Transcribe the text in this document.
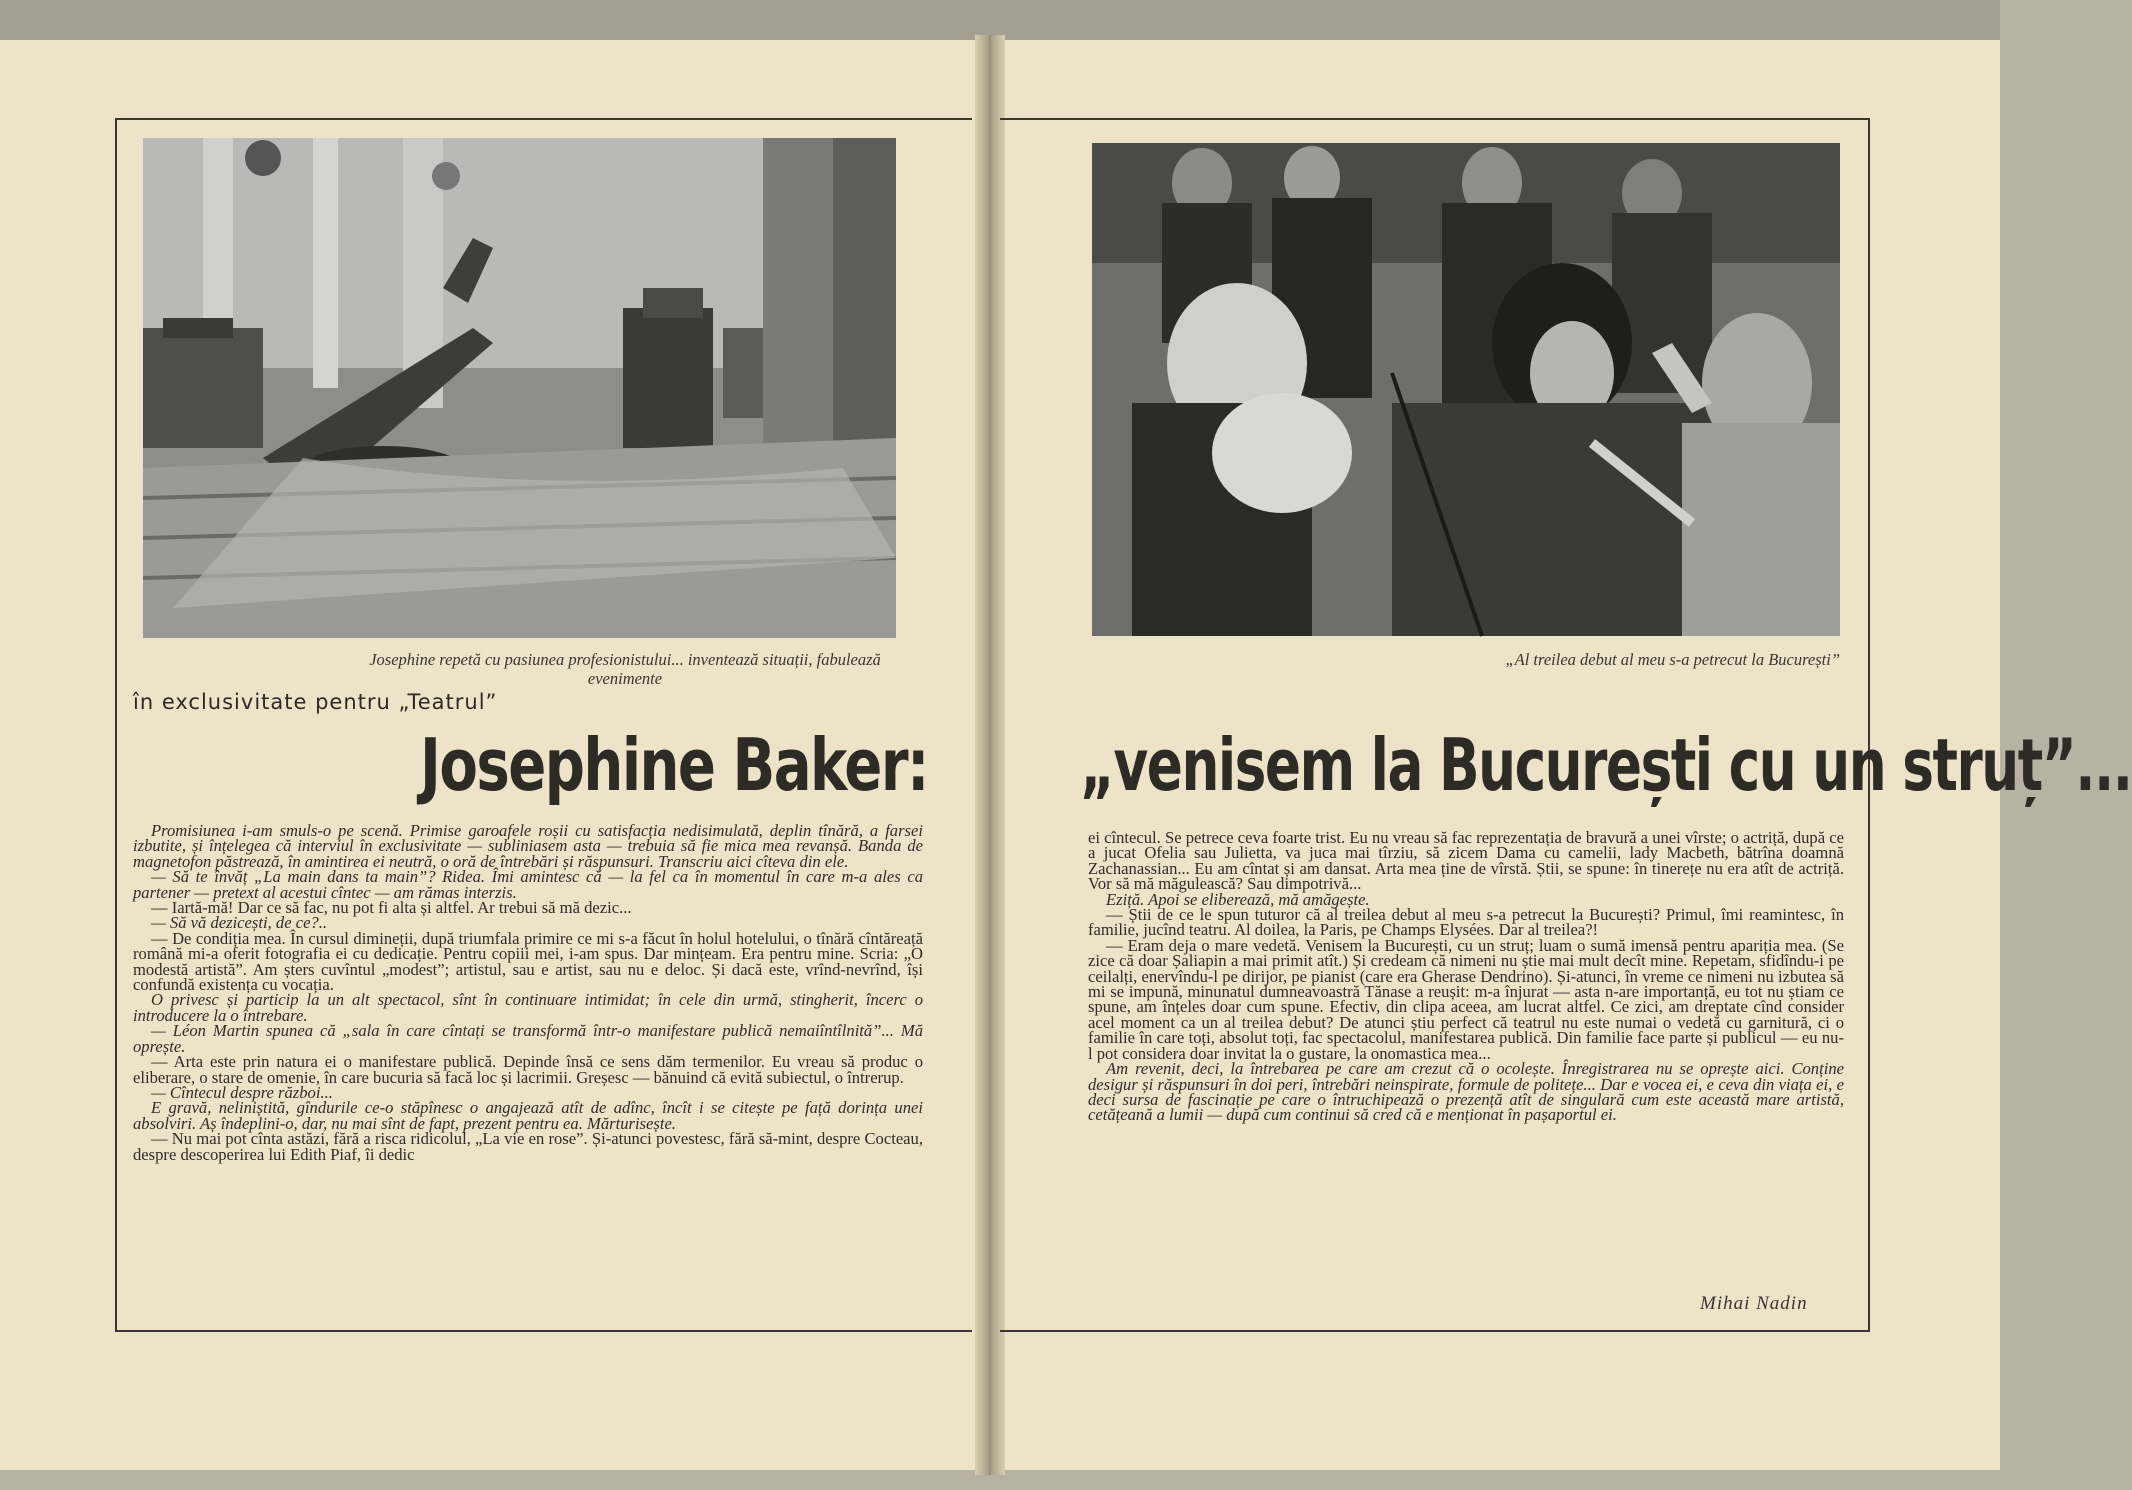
Josephine repetă cu pasiunea profesionistului... inventează situații, fabulează evenimente
„Al treilea debut al meu s-a petrecut la București”
în exclusivitate pentru „Teatrul”
Josephine Baker: „venisem la București cu un struț”...

Promisiunea i-am smuls-o pe scenă. Primise garoafele roșii cu satisfacția nedisimulată, deplin tînără, a farsei izbutite, și înțelegea că interviul în exclusivitate — subliniasem asta — trebuia să fie mica mea revanșă. Banda de magnetofon păstrează, în amintirea ei neutră, o oră de întrebări și răspunsuri. Transcriu aici cîteva din ele.

— Să te învăț „La main dans ta main”? Ridea. Îmi amintesc că — la fel ca în momentul în care m-a ales ca partener — pretext al acestui cîntec — am rămas interzis.

— Iartă-mă! Dar ce să fac, nu pot fi alta și altfel. Ar trebui să mă dezic...

— Să vă dezicești, de ce?..

— De condiția mea. În cursul dimineții, după triumfala primire ce mi s-a făcut în holul hotelului, o tînără cîntăreață română mi-a oferit fotografia ei cu dedicație. Pentru copiii mei, i-am spus. Dar mințeam. Era pentru mine. Scria: „O modestă artistă”. Am șters cuvîntul „modest”; artistul, sau e artist, sau nu e deloc. Și dacă este, vrînd-nevrînd, își confundă existența cu vocația.

O privesc și particip la un alt spectacol, sînt în continuare intimidat; în cele din urmă, stingherit, încerc o introducere la o întrebare.

— Léon Martin spunea că „sala în care cîntați se transformă într-o manifestare publică nemaiîntîlnită”... Mă oprește.

— Arta este prin natura ei o manifestare publică. Depinde însă ce sens dăm termenilor. Eu vreau să produc o eliberare, o stare de omenie, în care bucuria să facă loc și lacrimii. Greșesc — bănuind că evită subiectul, o întrerup.

— Cîntecul despre război...

E gravă, neliniștită, gîndurile ce-o stăpînesc o angajează atît de adînc, încît i se citește pe față dorința unei absolviri. Aș îndeplini-o, dar, nu mai sînt de fapt, prezent pentru ea. Mărturisește.

— Nu mai pot cînta astăzi, fără a risca ridicolul, „La vie en rose”. Și-atunci povestesc, fără să-mint, despre Cocteau, despre descoperirea lui Edith Piaf, îi dedic

ei cîntecul. Se petrece ceva foarte trist. Eu nu vreau să fac reprezentația de bravură a unei vîrste; o actriță, după ce a jucat Ofelia sau Julietta, va juca mai tîrziu, să zicem Dama cu camelii, lady Macbeth, bătrîna doamnă Zachanassian... Eu am cîntat și am dansat. Arta mea ține de vîrstă. Știi, se spune: în tinerețe nu era atît de actriță. Vor să mă măgulească? Sau dimpotrivă...

Eziță. Apoi se eliberează, mă amăgește.

— Știi de ce le spun tuturor că al treilea debut al meu s-a petrecut la București? Primul, îmi reamintesc, în familie, jucînd teatru. Al doilea, la Paris, pe Champs Elysées. Dar al treilea?!

— Eram deja o mare vedetă. Venisem la București, cu un struț; luam o sumă imensă pentru apariția mea. (Se zice că doar Șaliapin a mai primit atît.) Și credeam că nimeni nu știe mai mult decît mine. Repetam, sfidîndu-i pe ceilalți, enervîndu-l pe dirijor, pe pianist (care era Gherase Dendrino). Și-atunci, în vreme ce nimeni nu izbutea să mi se impună, minunatul dumneavoastră Tănase a reușit: m-a înjurat — asta n-are importanță, eu tot nu știam ce spune, am înțeles doar cum spune. Efectiv, din clipa aceea, am lucrat altfel. Ce zici, am dreptate cînd consider acel moment ca un al treilea debut? De atunci știu perfect că teatrul nu este numai o vedetă cu garnitură, ci o familie în care toți, absolut toți, fac spectacolul, manifestarea publică. Din familie face parte și publicul — eu nu-l pot considera doar invitat la o gustare, la onomastica mea...

Am revenit, deci, la întrebarea pe care am crezut că o ocolește. Înregistrarea nu se oprește aici. Conține desigur și răspunsuri în doi peri, întrebări neinspirate, formule de politețe... Dar e vocea ei, e ceva din viața ei, e deci sursa de fascinație pe care o întruchipează o prezență atît de singulară cum este această mare artistă, cetățeană a lumii — după cum continui să cred că e menționat în pașaportul ei.

Mihai Nadin
